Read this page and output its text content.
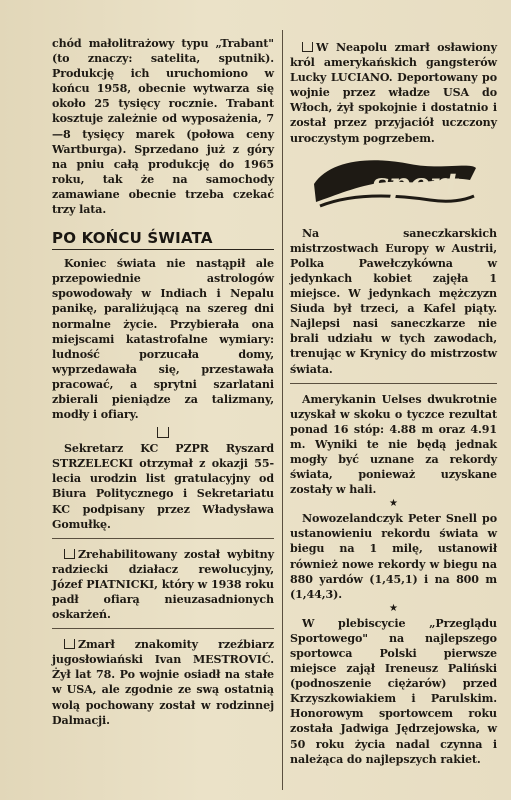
chód małolitrażowy typu „Trabant" (to znaczy: satelita, sputnik). Produkcję ich uruchomiono w końcu 1958, obecnie wytwarza się około 25 tysięcy rocznie. Trabant kosztuje zależnie od wyposażenia, 7—8 tysięcy marek (połowa ceny Wartburga). Sprzedano już z góry na pniu całą produkcję do 1965 roku, tak że na samochody zamawiane obecnie trzeba czekać trzy lata.

PO KOŃCU ŚWIATA

Koniec świata nie nastąpił ale przepowiednie astrologów spowodowały w Indiach i Nepalu panikę, paraliżującą na szereg dni normalne życie. Przybierała ona miejscami katastrofalne wymiary: ludność porzucała domy, wyprzedawała się, przestawała pracować, a sprytni szarlatani zbierali pieniądze za talizmany, modły i ofiary.

Sekretarz KC PZPR Ryszard STRZELECKI otrzymał z okazji 55-lecia urodzin list gratulacyjny od Biura Politycznego i Sekretariatu KC podpisany przez Władysława Gomułkę.

Zrehabilitowany został wybitny radziecki działacz rewolucyjny, Józef PIATNICKI, który w 1938 roku padł ofiarą nieuzasadnionych oskarżeń.

Zmarł znakomity rzeźbiarz jugosłowiański Ivan MESTROVIĆ. Żył lat 78. Po wojnie osiadł na stałe w USA, ale zgodnie ze swą ostatnią wolą pochowany został w rodzinnej Dalmacji.

W Neapolu zmarł osławiony król amerykańskich gangsterów Lucky LUCIANO. Deportowany po wojnie przez władze USA do Włoch, żył spokojnie i dostatnio i został przez przyjaciół uczczony uroczystym pogrzebem.

sport

Na saneczkarskich mistrzostwach Europy w Austrii, Polka Pawełczykówna w jedynkach kobiet zajęła 1 miejsce. W jedynkach mężczyzn Siuda był trzeci, a Kafel piąty. Najlepsi nasi saneczkarze nie brali udziału w tych zawodach, trenując w Krynicy do mistrzostw świata.

Amerykanin Uelses dwukrotnie uzyskał w skoku o tyczce rezultat ponad 16 stóp: 4.88 m oraz 4.91 m. Wyniki te nie będą jednak mogły być uznane za rekordy świata, ponieważ uzyskane zostały w hali.

★

Nowozelandczyk Peter Snell po ustanowieniu rekordu świata w biegu na 1 milę, ustanowił również nowe rekordy w biegu na 880 yardów (1,45,1) i na 800 m (1,44,3).

★

W plebiscycie „Przeglądu Sportowego" na najlepszego sportowca Polski pierwsze miejsce zajął Ireneusz Paliński (podnoszenie ciężarów) przed Krzyszkowiakiem i Parulskim. Honorowym sportowcem roku została Jadwiga Jędrzejowska, w 50 roku życia nadal czynna i należąca do najlepszych rakiet.
